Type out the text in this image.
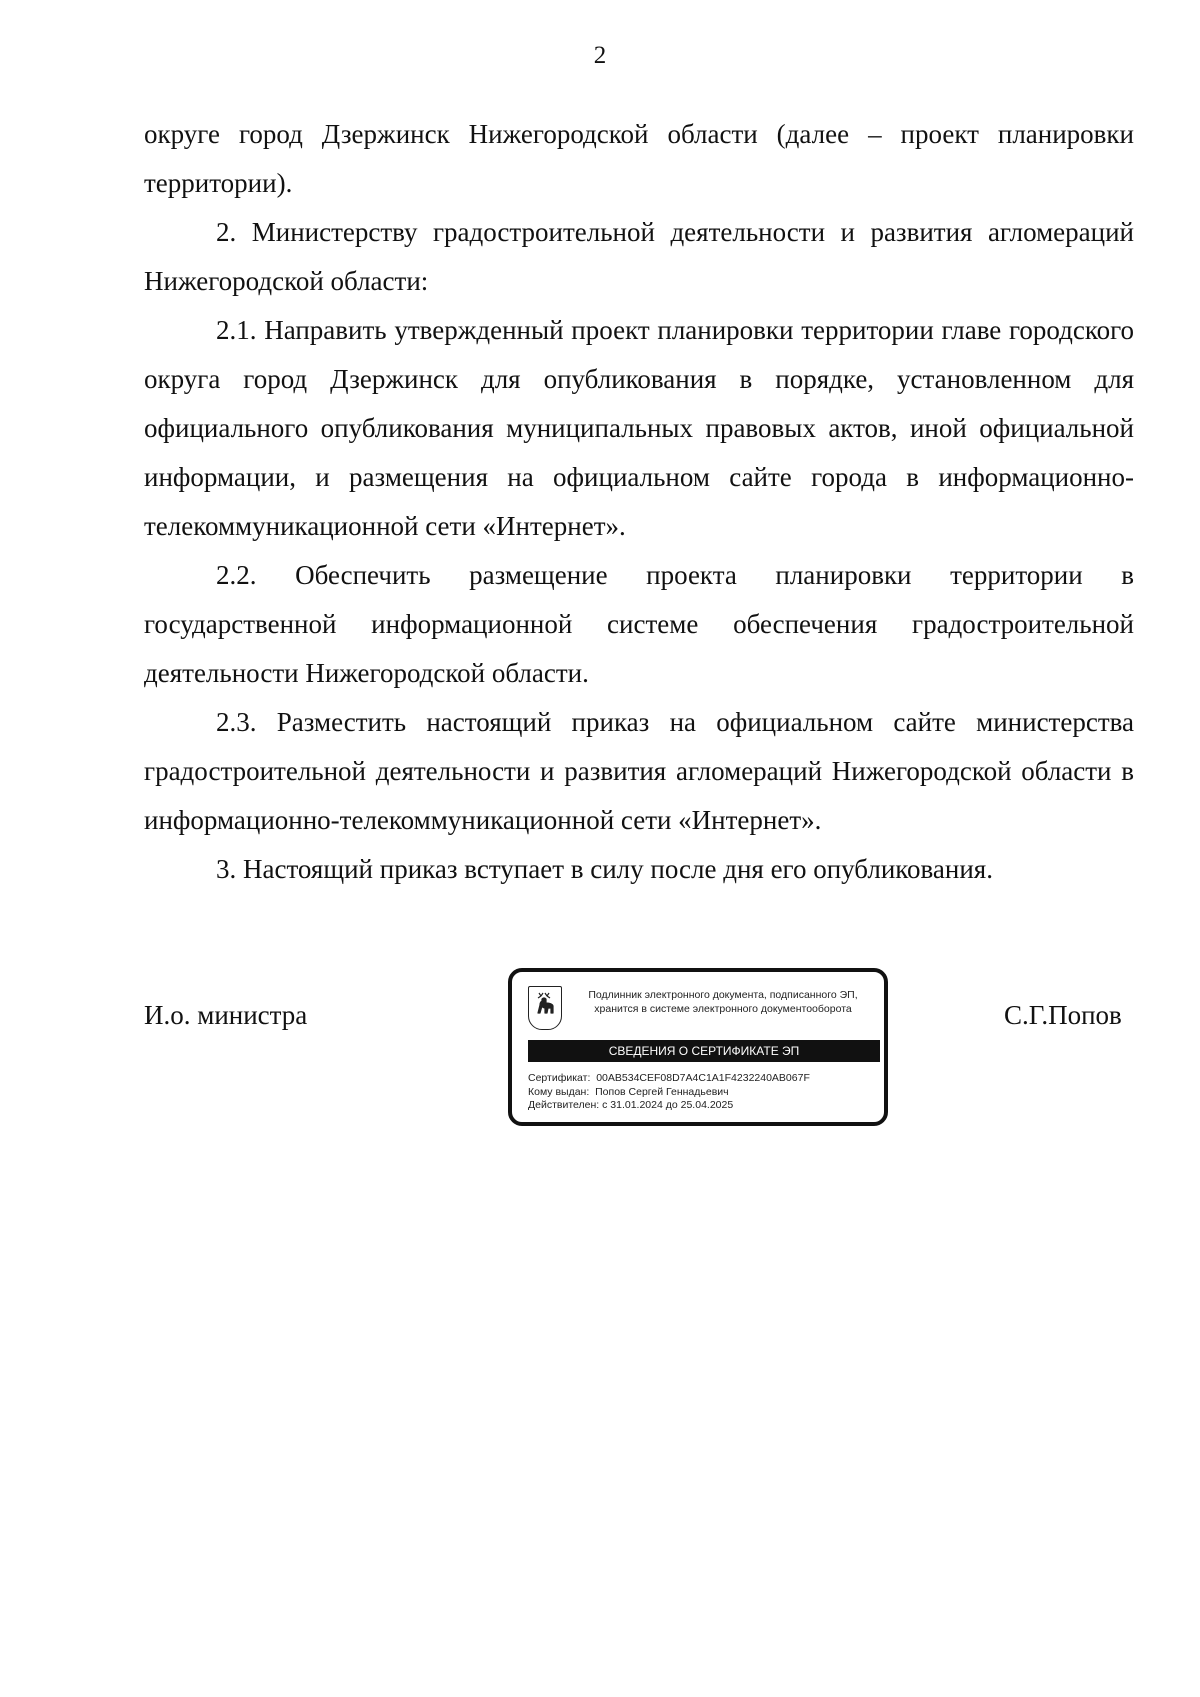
2

округе город Дзержинск Нижегородской области (далее – проект планировки территории).

2. Министерству градостроительной деятельности и развития агломераций Нижегородской области:

2.1. Направить утвержденный проект планировки территории главе городского округа город Дзержинск для опубликования в порядке, установленном для официального опубликования муниципальных правовых актов, иной официальной информации, и размещения на официальном сайте города в информационно-телекоммуникационной сети «Интернет».

2.2. Обеспечить размещение проекта планировки территории в государственной информационной системе обеспечения градостроительной деятельности Нижегородской области.

2.3. Разместить настоящий приказ на официальном сайте министерства градостроительной деятельности и развития агломераций Нижегородской области в информационно-телекоммуникационной сети «Интернет».

3. Настоящий приказ вступает в силу после дня его опубликования.

И.о. министра
Подлинник электронного документа, подписанного ЭП,
хранится в системе электронного документооборота
СВЕДЕНИЯ О СЕРТИФИКАТЕ ЭП
Сертификат: 00AB534CEF08D7A4C1A1F4232240AB067F
Кому выдан: Попов Сергей Геннадьевич
Действителен: с 31.01.2024 до 25.04.2025
С.Г.Попов
